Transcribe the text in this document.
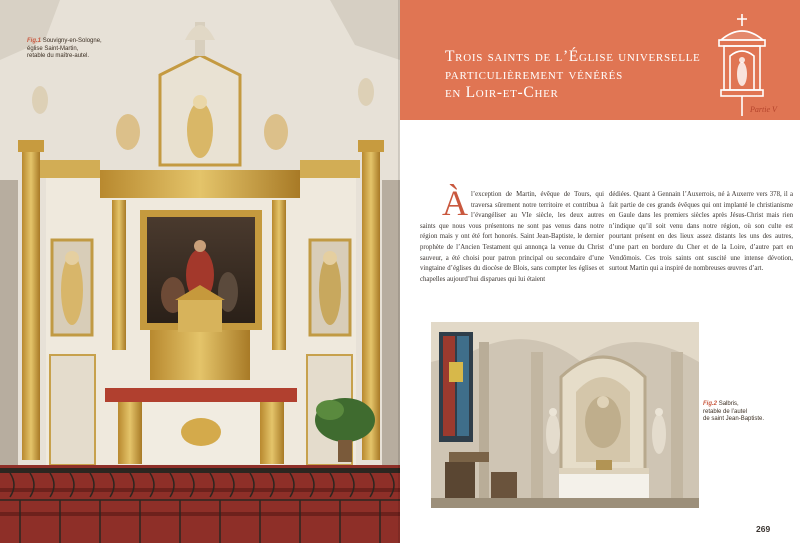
Fig.1 Souvigny-en-Sologne,
église Saint-Martin,
retable du maître-autel.	Trois saints de l’Église universelle
particulièrement vénérés
en Loir-et-Cher
Partie V
À l’exception de Martin, évêque de Tours, qui traversa sûrement notre territoire et contribua à l’évangéliser au VIe siècle, les deux autres saints que nous vous présentons ne sont pas venus dans notre région mais y ont été fort honorés. Saint Jean-Baptiste, le dernier prophète de l’Ancien Testament qui annonça la venue du Christ sauveur, a été choisi pour patron principal ou secondaire d’une vingtaine d’églises du diocèse de Blois, sans compter les églises et chapelles aujourd’hui disparues qui lui étaient
dédiées. Quant à Gennain l’Auxerrois, né à Auxerre vers 378, il a fait partie de ces grands évêques qui ont implanté le christianisme en Gaule dans les premiers siècles après Jésus-Christ mais rien n’indique qu’il soit venu dans notre région, où son culte est pourtant présent en des lieux assez distants les uns des autres, d’une part en bordure du Cher et de la Loire, d’autre part en Vendômois. Ces trois saints ont suscité une intense dévotion, surtout Martin qui a inspiré de nombreuses œuvres d’art.
Fig.2 Salbris,
retable de l’autel
de saint Jean-Baptiste.
269
